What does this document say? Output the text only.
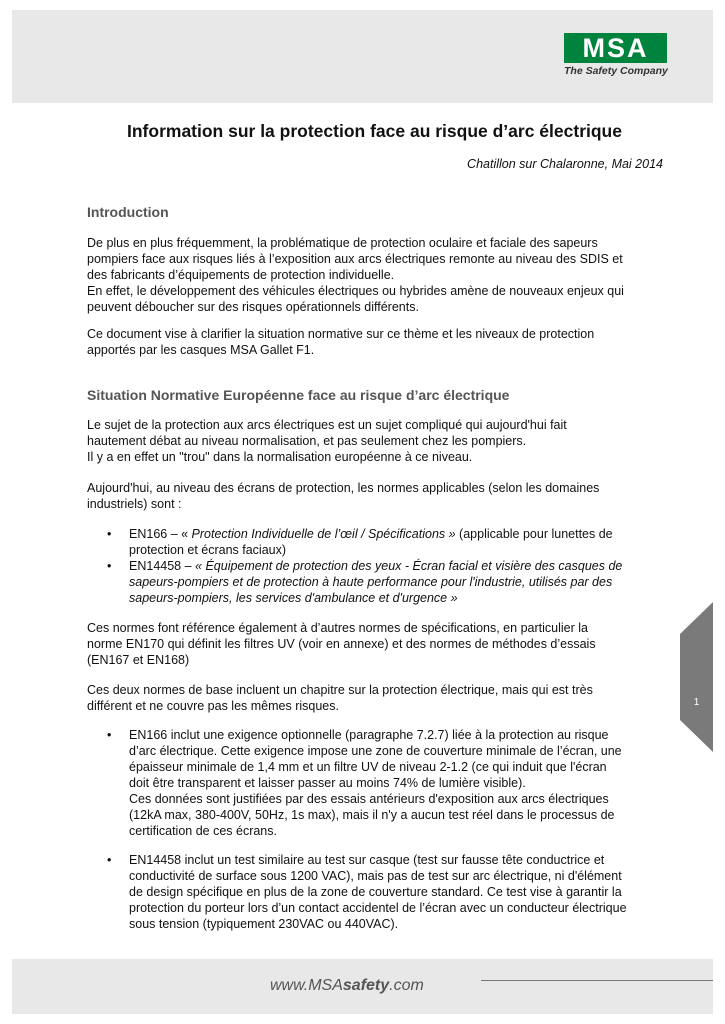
MSA
The Safety Company
Information sur la protection face au risque d’arc électrique
Chatillon sur Chalaronne, Mai 2014
Introduction
De plus en plus fréquemment, la problématique de protection oculaire et faciale des sapeurs
pompiers face aux risques liés à l’exposition aux arcs électriques remonte au niveau des SDIS et
des fabricants d’équipements de protection individuelle.
En effet, le développement des véhicules électriques ou hybrides amène de nouveaux enjeux qui
peuvent déboucher sur des risques opérationnels différents.
Ce document vise à clarifier la situation normative sur ce thème et les niveaux de protection
apportés par les casques MSA Gallet F1.
Situation Normative Européenne face au risque d’arc électrique
Le sujet de la protection aux arcs électriques est un sujet compliqué qui aujourd'hui fait
hautement débat au niveau normalisation, et pas seulement chez les pompiers.
Il y a en effet un "trou" dans la normalisation européenne à ce niveau.
Aujourd'hui, au niveau des écrans de protection, les normes applicables (selon les domaines
industriels) sont :
• EN166 – « Protection Individuelle de l’œil / Spécifications » (applicable pour lunettes de
protection et écrans faciaux)
• EN14458 – « Équipement de protection des yeux - Écran facial et visière des casques de
sapeurs-pompiers et de protection à haute performance pour l'industrie, utilisés par des
sapeurs-pompiers, les services d'ambulance et d'urgence »
Ces normes font référence également à d’autres normes de spécifications, en particulier la
norme EN170 qui définit les filtres UV (voir en annexe) et des normes de méthodes d’essais
(EN167 et EN168)
Ces deux normes de base incluent un chapitre sur la protection électrique, mais qui est très
différent et ne couvre pas les mêmes risques.
• EN166 inclut une exigence optionnelle (paragraphe 7.2.7) liée à la protection au risque
d’arc électrique. Cette exigence impose une zone de couverture minimale de l’écran, une
épaisseur minimale de 1,4 mm et un filtre UV de niveau 2-1.2 (ce qui induit que l'écran
doit être transparent et laisser passer au moins 74% de lumière visible).
Ces données sont justifiées par des essais antérieurs d'exposition aux arcs électriques
(12kA max, 380-400V, 50Hz, 1s max), mais il n'y a aucun test réel dans le processus de
certification de ces écrans.
• EN14458 inclut un test similaire au test sur casque (test sur fausse tête conductrice et
conductivité de surface sous 1200 VAC), mais pas de test sur arc électrique, ni d'élément
de design spécifique en plus de la zone de couverture standard. Ce test vise à garantir la
protection du porteur lors d’un contact accidentel de l’écran avec un conducteur électrique
sous tension (typiquement 230VAC ou 440VAC).
1
www.MSAsafety.com
